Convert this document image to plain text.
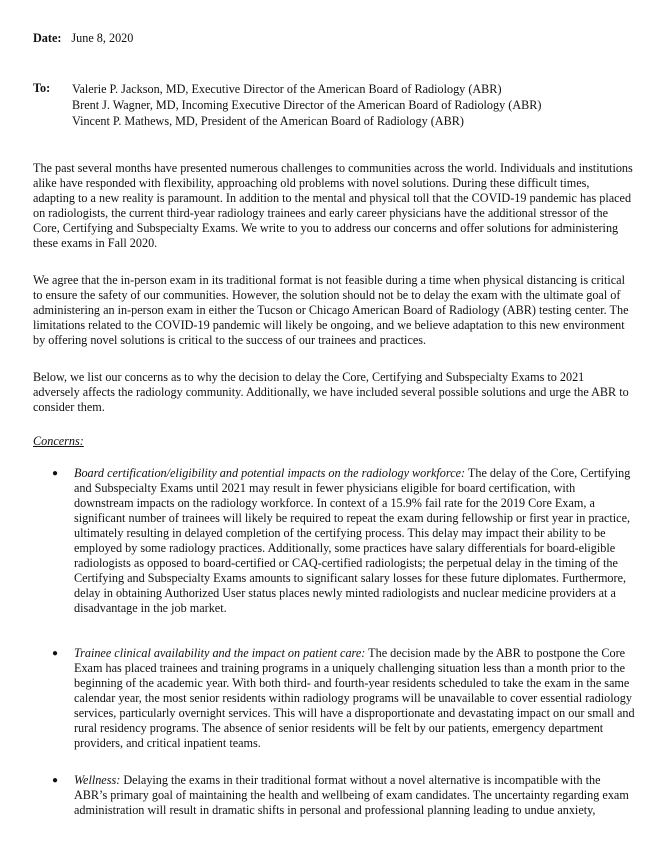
Date: June 8, 2020
To: Valerie P. Jackson, MD, Executive Director of the American Board of Radiology (ABR)
Brent J. Wagner, MD, Incoming Executive Director of the American Board of Radiology (ABR)
Vincent P. Mathews, MD, President of the American Board of Radiology (ABR)

The past several months have presented numerous challenges to communities across the world. Individuals and institutions alike have responded with flexibility, approaching old problems with novel solutions. During these difficult times, adapting to a new reality is paramount. In addition to the mental and physical toll that the COVID-19 pandemic has placed on radiologists, the current third-year radiology trainees and early career physicians have the additional stressor of the Core, Certifying and Subspecialty Exams. We write to you to address our concerns and offer solutions for administering these exams in Fall 2020.

We agree that the in-person exam in its traditional format is not feasible during a time when physical distancing is critical to ensure the safety of our communities. However, the solution should not be to delay the exam with the ultimate goal of administering an in-person exam in either the Tucson or Chicago American Board of Radiology (ABR) testing center. The limitations related to the COVID-19 pandemic will likely be ongoing, and we believe adaptation to this new environment by offering novel solutions is critical to the success of our trainees and practices.

Below, we list our concerns as to why the decision to delay the Core, Certifying and Subspecialty Exams to 2021 adversely affects the radiology community. Additionally, we have included several possible solutions and urge the ABR to consider them.

Concerns:
●	Board certification/eligibility and potential impacts on the radiology workforce: The delay of the Core, Certifying and Subspecialty Exams until 2021 may result in fewer physicians eligible for board certification, with downstream impacts on the radiology workforce. In context of a 15.9% fail rate for the 2019 Core Exam, a significant number of trainees will likely be required to repeat the exam during fellowship or first year in practice, ultimately resulting in delayed completion of the certifying process. This delay may impact their ability to be employed by some radiology practices. Additionally, some practices have salary differentials for board-eligible radiologists as opposed to board-certified or CAQ-certified radiologists; the perpetual delay in the timing of the Certifying and Subspecialty Exams amounts to significant salary losses for these future diplomates. Furthermore, delay in obtaining Authorized User status places newly minted radiologists and nuclear medicine providers at a disadvantage in the job market.
●	Trainee clinical availability and the impact on patient care: The decision made by the ABR to postpone the Core Exam has placed trainees and training programs in a uniquely challenging situation less than a month prior to the beginning of the academic year. With both third- and fourth-year residents scheduled to take the exam in the same calendar year, the most senior residents within radiology programs will be unavailable to cover essential radiology services, particularly overnight services. This will have a disproportionate and devastating impact on our small and rural residency programs. The absence of senior residents will be felt by our patients, emergency department providers, and critical inpatient teams.
●	Wellness: Delaying the exams in their traditional format without a novel alternative is incompatible with the ABR’s primary goal of maintaining the health and wellbeing of exam candidates. The uncertainty regarding exam administration will result in dramatic shifts in personal and professional planning leading to undue anxiety,
